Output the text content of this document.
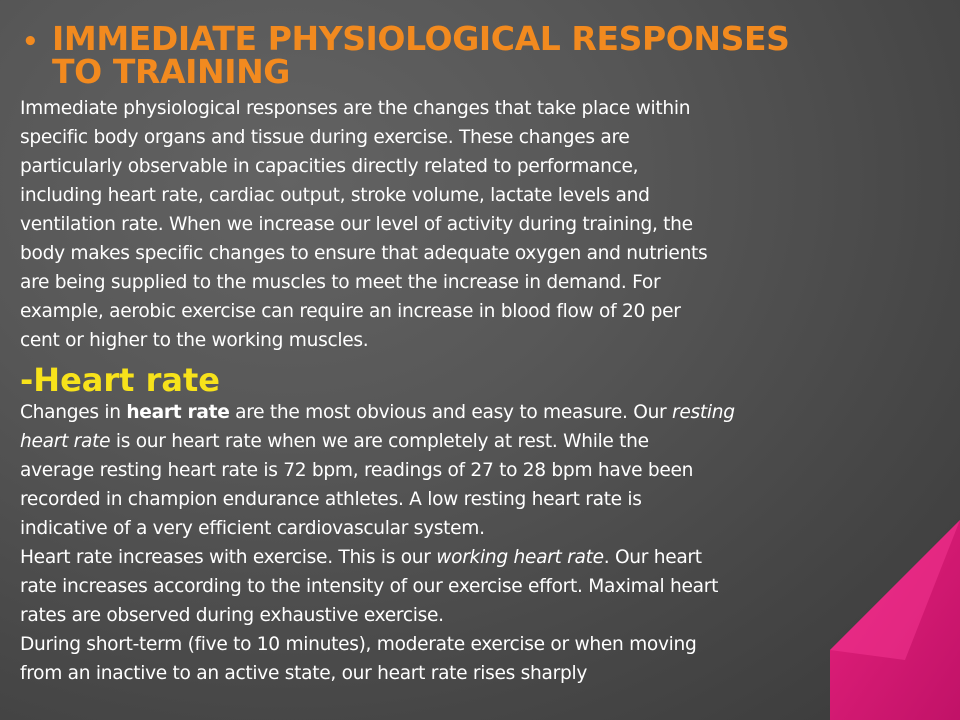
• IMMEDIATE PHYSIOLOGICAL RESPONSES
TO TRAINING

Immediate physiological responses are the changes that take place within
specific body organs and tissue during exercise. These changes are
particularly observable in capacities directly related to performance,
including heart rate, cardiac output, stroke volume, lactate levels and
ventilation rate. When we increase our level of activity during training, the
body makes specific changes to ensure that adequate oxygen and nutrients
are being supplied to the muscles to meet the increase in demand. For
example, aerobic exercise can require an increase in blood flow of 20 per
cent or higher to the working muscles.

-Heart rate

Changes in heart rate are the most obvious and easy to measure. Our resting
heart rate is our heart rate when we are completely at rest. While the
average resting heart rate is 72 bpm, readings of 27 to 28 bpm have been
recorded in champion endurance athletes. A low resting heart rate is
indicative of a very efficient cardiovascular system.
Heart rate increases with exercise. This is our working heart rate. Our heart
rate increases according to the intensity of our exercise effort. Maximal heart
rates are observed during exhaustive exercise.
During short-term (five to 10 minutes), moderate exercise or when moving
from an inactive to an active state, our heart rate rises sharply
